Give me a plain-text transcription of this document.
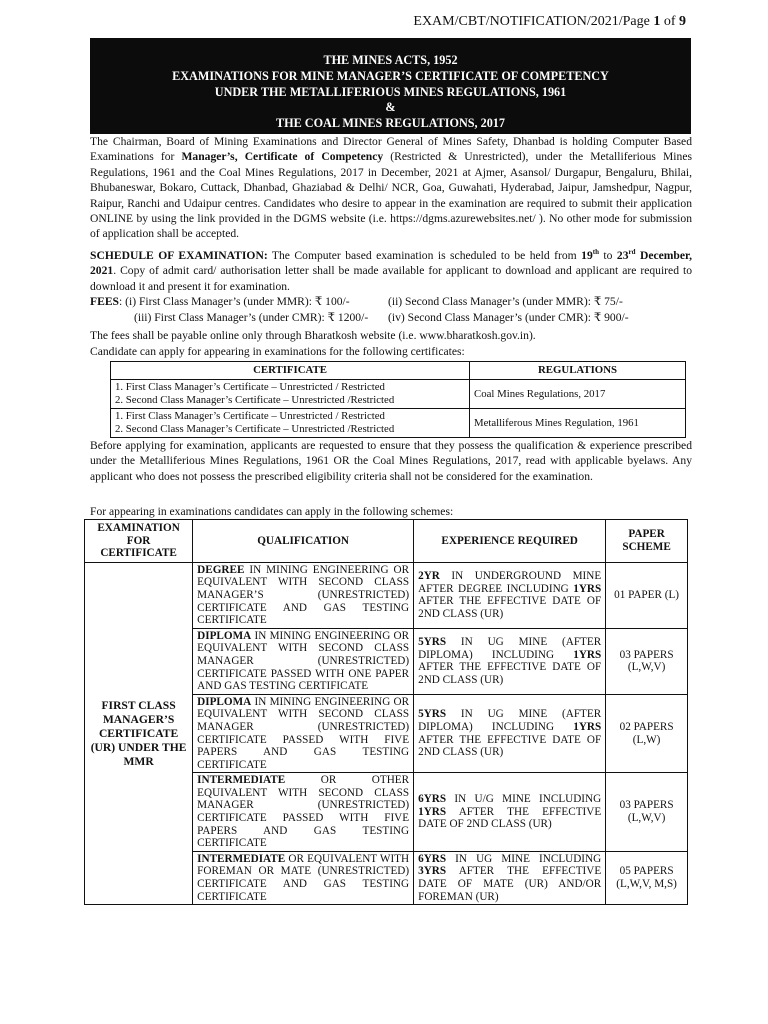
EXAM/CBT/NOTIFICATION/2021/Page 1 of 9
THE MINES ACTS, 1952
EXAMINATIONS FOR MINE MANAGER’S CERTIFICATE OF COMPETENCY
UNDER THE METALLIFERIOUS MINES REGULATIONS, 1961
&
THE COAL MINES REGULATIONS, 2017
The Chairman, Board of Mining Examinations and Director General of Mines Safety, Dhanbad is holding Computer Based Examinations for Manager’s, Certificate of Competency (Restricted & Unrestricted), under the Metalliferious Mines Regulations, 1961 and the Coal Mines Regulations, 2017 in December, 2021 at Ajmer, Asansol/ Durgapur, Bengaluru, Bhilai, Bhubaneswar, Bokaro, Cuttack, Dhanbad, Ghaziabad & Delhi/ NCR, Goa, Guwahati, Hyderabad, Jaipur, Jamshedpur, Nagpur, Raipur, Ranchi and Udaipur centres. Candidates who desire to appear in the examination are required to submit their application ONLINE by using the link provided in the DGMS website (i.e. https://dgms.azurewebsites.net/ ). No other mode for submission of application shall be accepted.
SCHEDULE OF EXAMINATION: The Computer based examination is scheduled to be held from 19th to 23rd December, 2021. Copy of admit card/ authorisation letter shall be made available for applicant to download and applicant are required to download it and present it for examination.
FEES : (i) First Class Manager’s (under MMR): ₹ 100/-	(ii) Second Class Manager’s (under MMR): ₹ 75/-
(iii) First Class Manager’s (under CMR): ₹ 1200/- (iv) Second Class Manager’s (under CMR): ₹ 900/-
The fees shall be payable online only through Bharatkosh website (i.e. www.bharatkosh.gov.in).
Candidate can apply for appearing in examinations for the following certificates:
CERTIFICATE	REGULATIONS

1. First Class Manager’s Certificate – Unrestricted / Restricted
2. Second Class Manager’s Certificate – Unrestricted /Restricted	Coal Mines Regulations, 2017

1. First Class Manager’s Certificate – Unrestricted / Restricted
2. Second Class Manager’s Certificate – Unrestricted /Restricted	Metalliferous Mines Regulation, 1961
Before applying for examination, applicants are requested to ensure that they possess the qualification & experience prescribed under the Metalliferious Mines Regulations, 1961 OR the Coal Mines Regulations, 2017, read with applicable byelaws. Any applicant who does not possess the prescribed eligibility criteria shall not be considered for the examination.
For appearing in examinations candidates can apply in the following schemes:
EXAMINATION FOR CERTIFICATE	QUALIFICATION	EXPERIENCE REQUIRED	PAPER SCHEME
FIRST CLASS MANAGER’S CERTIFICATE (UR) UNDER THE MMR	DEGREE IN MINING ENGINEERING OR EQUIVALENT WITH SECOND CLASS MANAGER’S (UNRESTRICTED) CERTIFICATE AND GAS TESTING CERTIFICATE	2YR IN UNDERGROUND MINE AFTER DEGREE INCLUDING 1YRS AFTER THE EFFECTIVE DATE OF 2ND CLASS (UR)	01 PAPER (L)
	DIPLOMA IN MINING ENGINEERING OR EQUIVALENT WITH SECOND CLASS MANAGER (UNRESTRICTED) CERTIFICATE PASSED WITH ONE PAPER AND GAS TESTING CERTIFICATE	5YRS IN UG MINE (AFTER DIPLOMA) INCLUDING 1YRS AFTER THE EFFECTIVE DATE OF 2ND CLASS (UR)	03 PAPERS (L,W,V)
	DIPLOMA IN MINING ENGINEERING OR EQUIVALENT WITH SECOND CLASS MANAGER (UNRESTRICTED) CERTIFICATE PASSED WITH FIVE PAPERS AND GAS TESTING CERTIFICATE	5YRS IN UG MINE (AFTER DIPLOMA) INCLUDING 1YRS AFTER THE EFFECTIVE DATE OF 2ND CLASS (UR)	02 PAPERS (L,W)
	INTERMEDIATE OR OTHER EQUIVALENT WITH SECOND CLASS MANAGER (UNRESTRICTED) CERTIFICATE PASSED WITH FIVE PAPERS AND GAS TESTING CERTIFICATE	6YRS IN U/G MINE INCLUDING 1YRS AFTER THE EFFECTIVE DATE OF 2ND CLASS (UR)	03 PAPERS (L,W,V)
	INTERMEDIATE OR EQUIVALENT WITH FOREMAN OR MATE (UNRESTRICTED) CERTIFICATE AND GAS TESTING CERTIFICATE	6YRS IN UG MINE INCLUDING 3YRS AFTER THE EFFECTIVE DATE OF MATE (UR) AND/OR FOREMAN (UR)	05 PAPERS (L,W,V, M,S)
